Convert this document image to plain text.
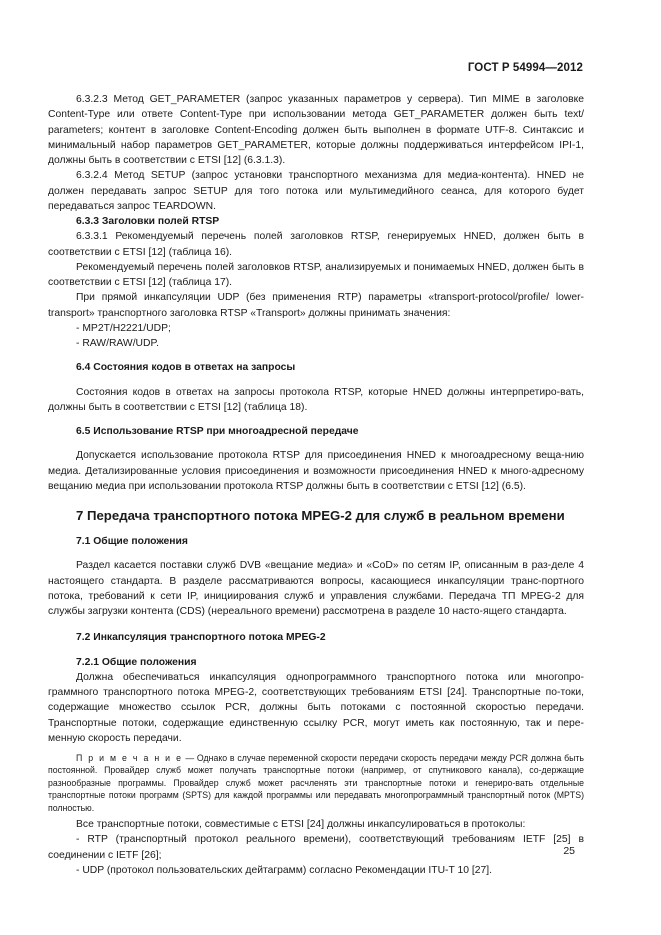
ГОСТ Р 54994—2012

6.3.2.3 Метод GET_PARAMETER (запрос указанных параметров у сервера). Тип MIME в заголовке Content-Type или ответе Content-Type при использовании метода GET_PARAMETER должен быть text/ parameters; контент в заголовке Content-Encoding должен быть выполнен в формате UTF-8. Синтаксис и минимальный набор параметров GET_PARAMETER, которые должны поддерживаться интерфейсом IPI-1, должны быть в соответствии с ETSI [12] (6.3.1.3).

6.3.2.4 Метод SETUP (запрос установки транспортного механизма для медиа-контента). HNED не должен передавать запрос SETUP для того потока или мультимедийного сеанса, для которого будет передаваться запрос TEARDOWN.

6.3.3 Заголовки полей RTSP

6.3.3.1 Рекомендуемый перечень полей заголовков RTSP, генерируемых HNED, должен быть в соответствии с ETSI [12] (таблица 16).

Рекомендуемый перечень полей заголовков RTSP, анализируемых и понимаемых HNED, должен быть в соответствии с ETSI [12] (таблица 17).

При прямой инкапсуляции UDP (без применения RTP) параметры «transport-protocol/profile/ lower-transport» транспортного заголовка RTSP «Transport» должны принимать значения:

- MP2T/H2221/UDP;

- RAW/RAW/UDP.

6.4 Состояния кодов в ответах на запросы

Состояния кодов в ответах на запросы протокола RTSP, которые HNED должны интерпретиро-вать, должны быть в соответствии с ETSI [12] (таблица 18).

6.5 Использование RTSP при многоадресной передаче

Допускается использование протокола RTSP для присоединения HNED к многоадресному веща-нию медиа. Детализированные условия присоединения и возможности присоединения HNED к много-адресному вещанию медиа при использовании протокола RTSP должны быть в соответствии с ETSI [12] (6.5).

7 Передача транспортного потока MPEG-2 для служб в реальном времени

7.1 Общие положения

Раздел касается поставки служб DVB «вещание медиа» и «CoD» по сетям IP, описанным в раз-деле 4 настоящего стандарта. В разделе рассматриваются вопросы, касающиеся инкапсуляции транс-портного потока, требований к сети IP, инициирования служб и управления службами. Передача ТП MPEG-2 для службы загрузки контента (CDS) (нереального времени) рассмотрена в разделе 10 насто-ящего стандарта.

7.2 Инкапсуляция транспортного потока MPEG-2

7.2.1 Общие положения

Должна обеспечиваться инкапсуляция однопрограммного транспортного потока или многопро-граммного транспортного потока MPEG-2, соответствующих требованиям ETSI [24]. Транспортные по-токи, содержащие множество ссылок PCR, должны быть потоками с постоянной скоростью передачи. Транспортные потоки, содержащие единственную ссылку PCR, могут иметь как постоянную, так и пере-менную скорость передачи.

П р и м е ч а н и е — Однако в случае переменной скорости передачи скорость передачи между PCR должна быть постоянной. Провайдер служб может получать транспортные потоки (например, от спутникового канала), со-держащие разнообразные программы. Провайдер служб может расчленять эти транспортные потоки и генериро-вать отдельные транспортные потоки программ (SPTS) для каждой программы или передавать многопрограммный транспортный поток (MPTS) полностью.

Все транспортные потоки, совместимые с ETSI [24] должны инкапсулироваться в протоколы:

- RTP (транспортный протокол реального времени), соответствующий требованиям IETF [25] в соединении с IETF [26];

- UDP (протокол пользовательских дейтаграмм) согласно Рекомендации ITU-T 10 [27].

25
